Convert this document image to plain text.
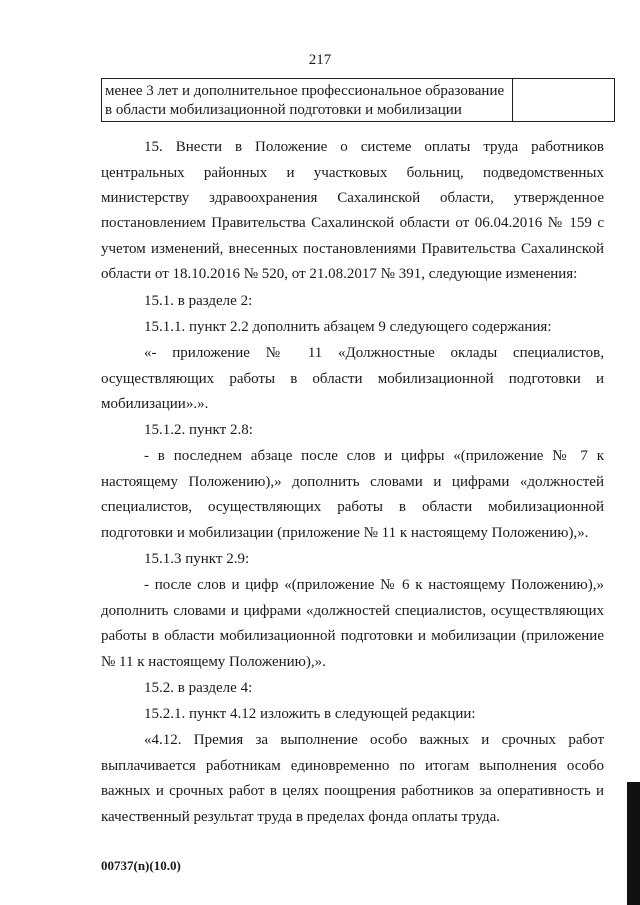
217
менее 3 лет и дополнительное профессиональное образование
в области мобилизационной подготовки и мобилизации
15. Внести в Положение о системе оплаты труда работников
центральных районных и участковых больниц, подведомственных
министерству здравоохранения Сахалинской области, утвержденное
постановлением Правительства Сахалинской области от 06.04.2016 № 159 с
учетом изменений, внесенных постановлениями Правительства Сахалинской
области от 18.10.2016 № 520, от 21.08.2017 № 391, следующие изменения:
15.1. в разделе 2:
15.1.1. пункт 2.2 дополнить абзацем 9 следующего содержания:
«- приложение № 11 «Должностные оклады специалистов,
осуществляющих работы в области мобилизационной подготовки и
мобилизации».».
15.1.2. пункт 2.8:
- в последнем абзаце после слов и цифры «(приложение № 7 к
настоящему Положению),» дополнить словами и цифрами «должностей
специалистов, осуществляющих работы в области мобилизационной
подготовки и мобилизации (приложение № 11 к настоящему Положению),».
15.1.3 пункт 2.9:
- после слов и цифр «(приложение № 6 к настоящему Положению),»
дополнить словами и цифрами «должностей специалистов, осуществляющих
работы в области мобилизационной подготовки и мобилизации (приложение
№ 11 к настоящему Положению),».
15.2. в разделе 4:
15.2.1. пункт 4.12 изложить в следующей редакции:
«4.12. Премия за выполнение особо важных и срочных работ
выплачивается работникам единовременно по итогам выполнения особо
важных и срочных работ в целях поощрения работников за оперативность и
качественный результат труда в пределах фонда оплаты труда.
00737(n)(10.0)
